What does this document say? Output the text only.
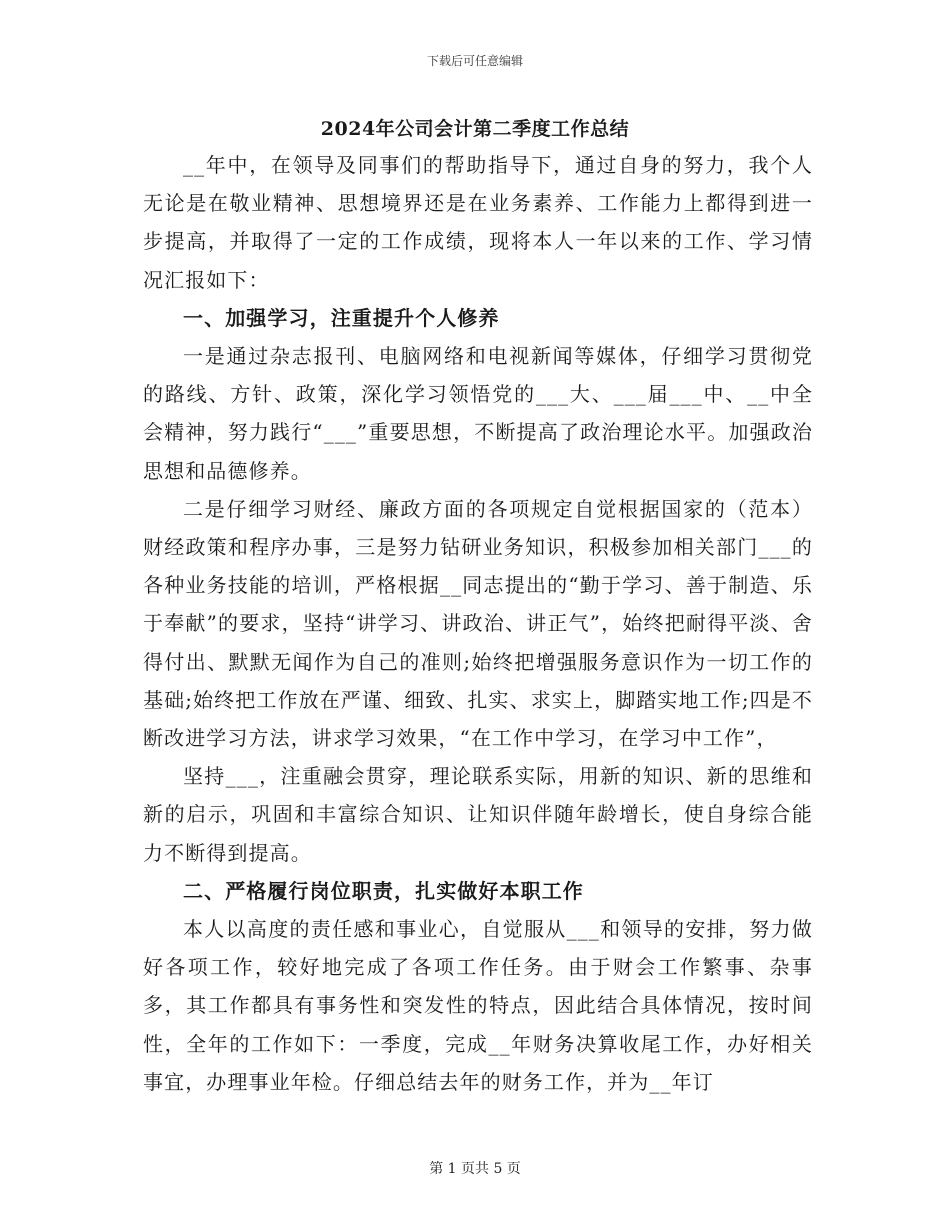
下载后可任意编辑
2024年公司会计第二季度工作总结

__年中，在领导及同事们的帮助指导下，通过自身的努力，我个人无论是在敬业精神、思想境界还是在业务素养、工作能力上都得到进一步提高，并取得了一定的工作成绩，现将本人一年以来的工作、学习情况汇报如下：

一、加强学习，注重提升个人修养

一是通过杂志报刊、电脑网络和电视新闻等媒体，仔细学习贯彻党的路线、方针、政策，深化学习领悟党的___大、___届___中、__中全会精神，努力践行“___”重要思想，不断提高了政治理论水平。加强政治思想和品德修养。

二是仔细学习财经、廉政方面的各项规定自觉根据国家的（范本）财经政策和程序办事，三是努力钻研业务知识，积极参加相关部门___的各种业务技能的培训，严格根据__同志提出的“勤于学习、善于制造、乐于奉献”的要求，坚持“讲学习、讲政治、讲正气”，始终把耐得平淡、舍得付出、默默无闻作为自己的准则;始终把增强服务意识作为一切工作的基础;始终把工作放在严谨、细致、扎实、求实上，脚踏实地工作;四是不断改进学习方法，讲求学习效果，“在工作中学习，在学习中工作”，

坚持___，注重融会贯穿，理论联系实际，用新的知识、新的思维和新的启示，巩固和丰富综合知识、让知识伴随年龄增长，使自身综合能力不断得到提高。

二、严格履行岗位职责，扎实做好本职工作

本人以高度的责任感和事业心，自觉服从___和领导的安排，努力做好各项工作，较好地完成了各项工作任务。由于财会工作繁事、杂事多，其工作都具有事务性和突发性的特点，因此结合具体情况，按时间性，全年的工作如下：一季度，完成__年财务决算收尾工作，办好相关事宜，办理事业年检。仔细总结去年的财务工作，并为__年订

第 1 页共 5 页
